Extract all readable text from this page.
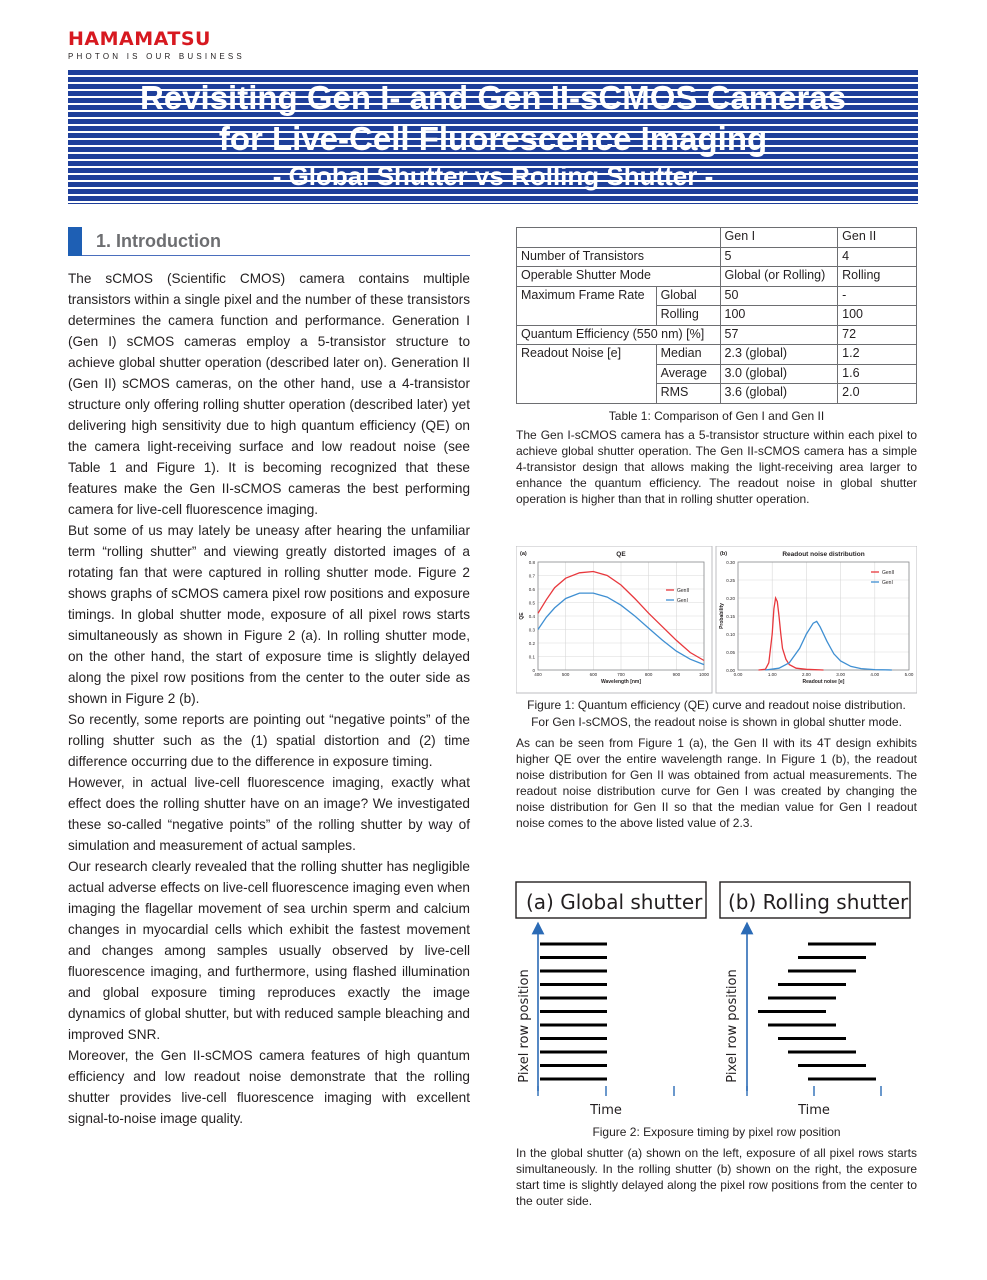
HAMAMATSU
PHOTON IS OUR BUSINESS
Revisiting Gen I- and Gen II-sCMOS Cameras
for Live-Cell Fluorescence Imaging
- Global Shutter vs Rolling Shutter -
1. Introduction

The sCMOS (Scientific CMOS) camera contains multiple transistors within a single pixel and the number of these transistors determines the camera function and performance. Generation I (Gen I) sCMOS cameras employ a 5-transistor structure to achieve global shutter operation (described later on). Generation II (Gen II) sCMOS cameras, on the other hand, use a 4-transistor structure only offering rolling shutter operation (described later) yet delivering high sensitivity due to high quantum efficiency (QE) on the camera light-receiving surface and low readout noise (see Table 1 and Figure 1). It is becoming recognized that these features make the Gen II-sCMOS cameras the best performing camera for live-cell fluorescence imaging.

But some of us may lately be uneasy after hearing the unfamiliar term “rolling shutter” and viewing greatly distorted images of a rotating fan that were captured in rolling shutter mode. Figure 2 shows graphs of sCMOS camera pixel row positions and exposure timings. In global shutter mode, exposure of all pixel rows starts simultaneously as shown in Figure 2 (a). In rolling shutter mode, on the other hand, the start of exposure time is slightly delayed along the pixel row positions from the center to the outer side as shown in Figure 2 (b).

So recently, some reports are pointing out “negative points” of the rolling shutter such as the (1) spatial distortion and (2) time difference occurring due to the difference in exposure timing.

However, in actual live-cell fluorescence imaging, exactly what effect does the rolling shutter have on an image? We investigated these so-called “negative points” of the rolling shutter by way of simulation and measurement of actual samples.

Our research clearly revealed that the rolling shutter has negligible actual adverse effects on live-cell fluorescence imaging even when imaging the flagellar movement of sea urchin sperm and calcium changes in myocardial cells which exhibit the fastest movement and changes among samples usually observed by live-cell fluorescence imaging, and furthermore, using flashed illumination and global exposure timing reproduces exactly the image dynamics of global shutter, but with reduced sample bleaching and improved SNR.

Moreover, the Gen II-sCMOS camera features of high quantum efficiency and low readout noise demonstrate that the rolling shutter provides live-cell fluorescence imaging with excellent signal-to-noise image quality.

		Gen I	Gen II
Number of Transistors		5	4
Operable Shutter Mode		Global (or Rolling)	Rolling
Maximum Frame Rate	Global	50	-
	Rolling	100	100
Quantum Efficiency (550 nm) [%]		57	72
Readout Noise [e]	Median	2.3 (global)	1.2
	Average	3.0 (global)	1.6
	RMS	3.6 (global)	2.0
Table 1: Comparison of Gen I and Gen II
The Gen I-sCMOS camera has a 5-transistor structure within each pixel to achieve global shutter operation. The Gen II-sCMOS camera has a simple 4-transistor design that allows making the light-receiving area larger to enhance the quantum efficiency. The readout noise in global shutter operation is higher than that in rolling shutter operation.
(a)	QE
0
0.1
0.2
0.3
0.4
0.5
0.6
0.7
0.8
400	500	600	700	800	900	1000
Wavelength [nm]
QE
GenII
GenI
(b)	Readout noise distribution
0.00
0.05
0.10
0.15
0.20
0.25
0.30
0.00	1.00	2.00	3.00	4.00	5.00
Readout noise [e]
Probability
GenII
GenI
Figure 1: Quantum efficiency (QE) curve and readout noise distribution.
For Gen I-sCMOS, the readout noise is shown in global shutter mode.
As can be seen from Figure 1 (a), the Gen II with its 4T design exhibits higher QE over the entire wavelength range. In Figure 1 (b), the readout noise distribution for Gen II was obtained from actual measurements. The readout noise distribution curve for Gen I was created by changing the noise distribution for Gen II so that the median value for Gen I readout noise comes to the above listed value of 2.3.
(a) Global shutter
Pixel row position
Time
(b) Rolling shutter
Pixel row position
Time
Figure 2: Exposure timing by pixel row position
In the global shutter (a) shown on the left, exposure of all pixel rows starts simultaneously. In the rolling shutter (b) shown on the right, the exposure start time is slightly delayed along the pixel row positions from the center to the outer side.
